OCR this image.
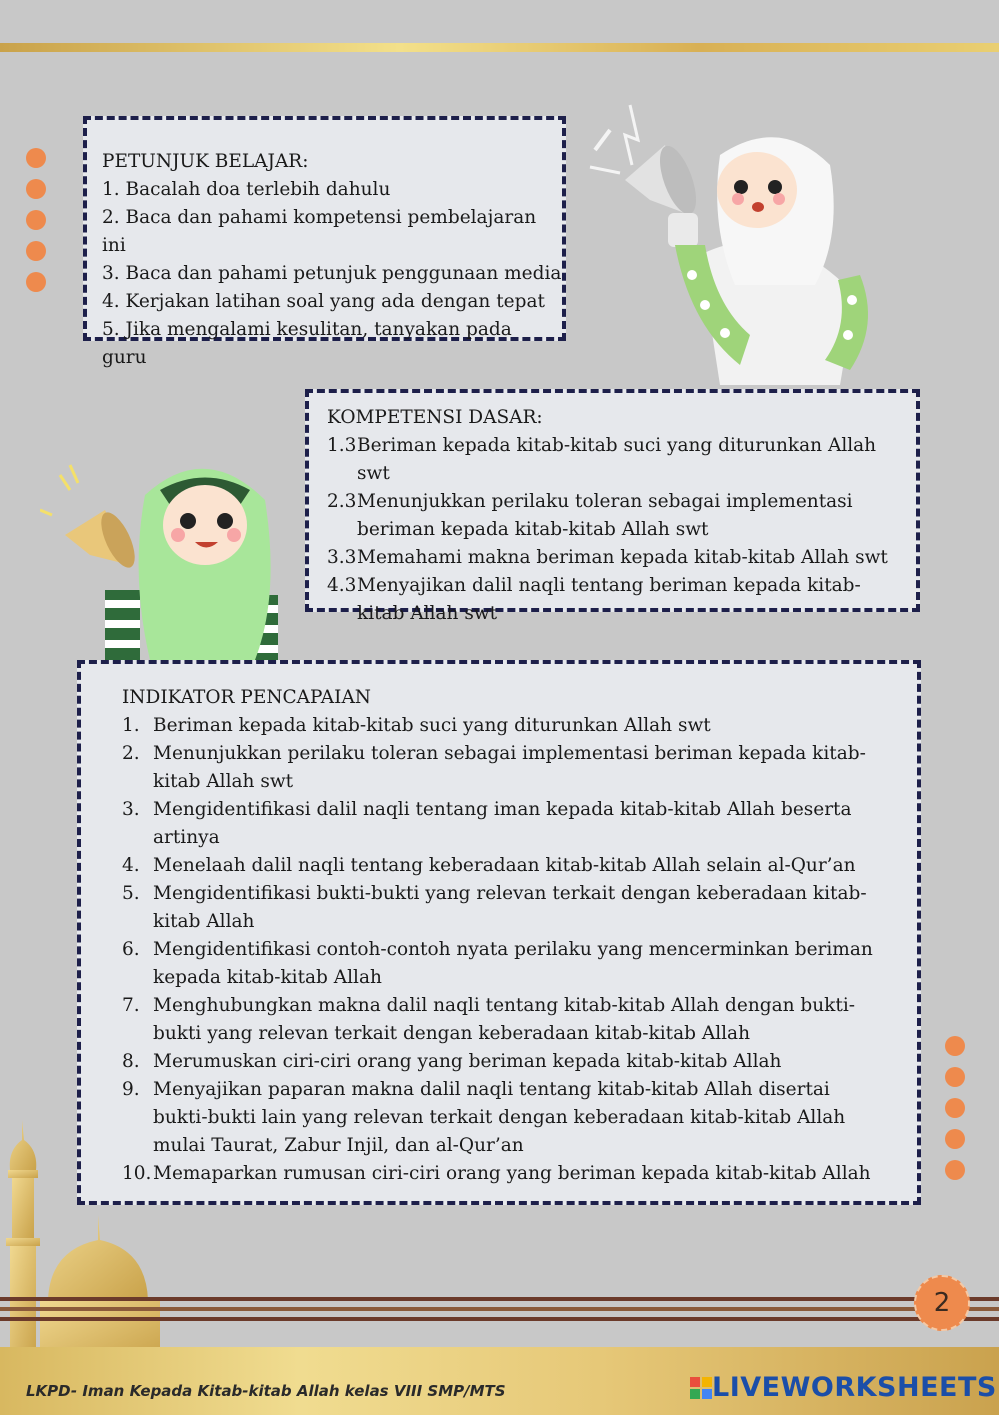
PETUNJUK BELAJAR:
1. Bacalah doa terlebih dahulu
2. Baca dan pahami kompetensi pembelajaran ini
3. Baca dan pahami petunjuk penggunaan media
4. Kerjakan latihan soal yang ada dengan tepat
5. Jika mengalami kesulitan, tanyakan pada guru
KOMPETENSI DASAR:
1.3 Beriman kepada kitab-kitab suci yang diturunkan Allah swt
2.3 Menunjukkan perilaku toleran sebagai implementasi beriman kepada kitab-kitab Allah swt
3.3 Memahami makna beriman kepada kitab-kitab Allah swt
4.3 Menyajikan dalil naqli tentang beriman kepada kitab-kitab Allah swt
INDIKATOR PENCAPAIAN
1. Beriman kepada kitab-kitab suci yang diturunkan Allah swt
2. Menunjukkan perilaku toleran sebagai implementasi beriman kepada kitab-kitab Allah swt
3. Mengidentifikasi dalil naqli tentang iman kepada kitab-kitab Allah beserta artinya
4. Menelaah dalil naqli tentang keberadaan kitab-kitab Allah selain al-Qur’an
5. Mengidentifikasi bukti-bukti yang relevan terkait dengan keberadaan kitab-kitab Allah
6. Mengidentifikasi contoh-contoh nyata perilaku yang mencerminkan beriman kepada kitab-kitab Allah
7. Menghubungkan makna dalil naqli tentang kitab-kitab Allah dengan bukti-bukti yang relevan terkait dengan keberadaan kitab-kitab Allah
8. Merumuskan ciri-ciri orang yang beriman kepada kitab-kitab Allah
9. Menyajikan paparan makna dalil naqli tentang kitab-kitab Allah disertai bukti-bukti lain yang relevan terkait dengan keberadaan kitab-kitab Allah mulai Taurat, Zabur Injil, dan al-Qur’an
10. Memaparkan rumusan ciri-ciri orang yang beriman kepada kitab-kitab Allah
2
LKPD- Iman Kepada Kitab-kitab Allah kelas VIII SMP/MTS	LIVEWORKSHEETS
